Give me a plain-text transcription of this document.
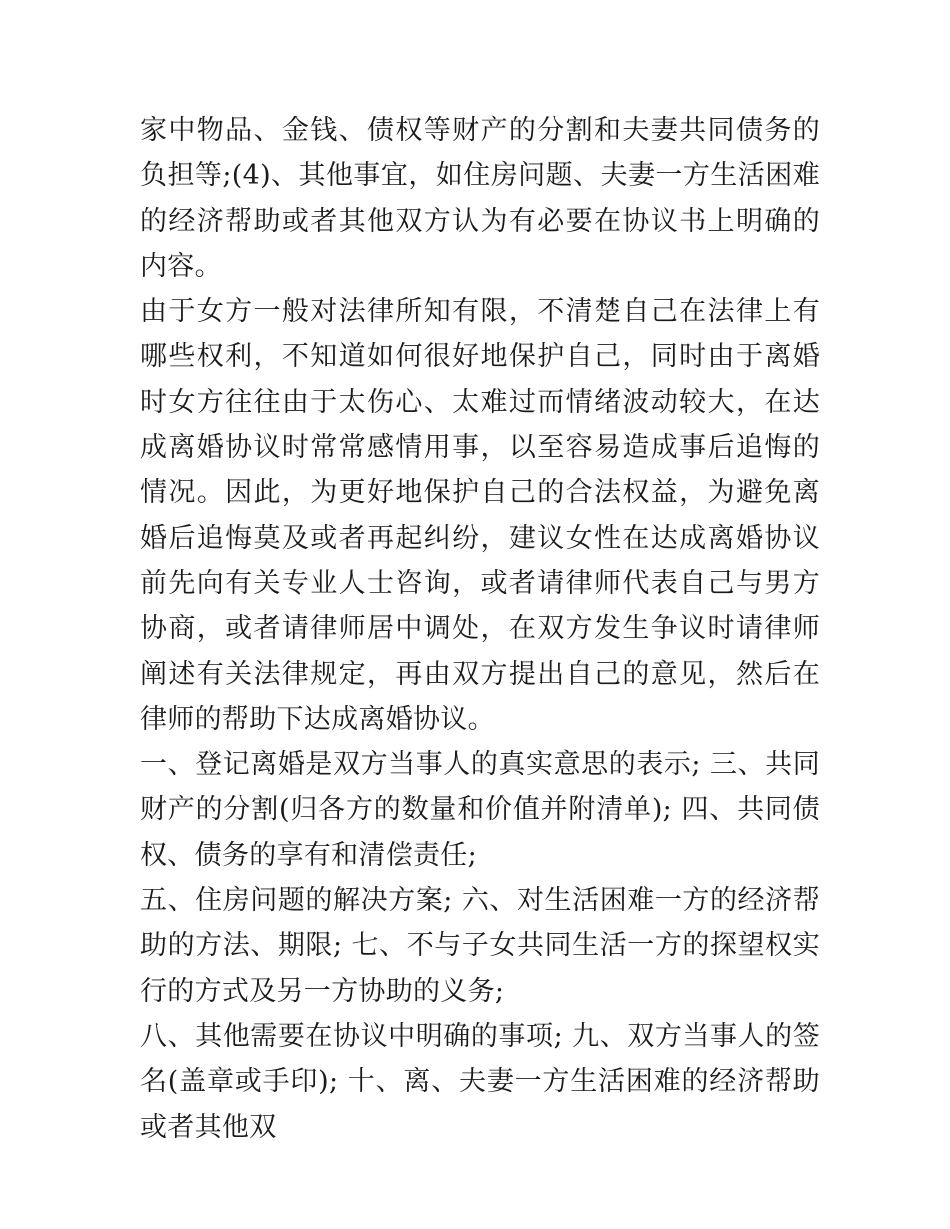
家中物品、金钱、债权等财产的分割和夫妻共同债务的负担等;(4)、其他事宜，如住房问题、夫妻一方生活困难的经济帮助或者其他双方认为有必要在协议书上明确的内容。

由于女方一般对法律所知有限，不清楚自己在法律上有哪些权利，不知道如何很好地保护自己，同时由于离婚时女方往往由于太伤心、太难过而情绪波动较大，在达成离婚协议时常常感情用事，以至容易造成事后追悔的情况。因此，为更好地保护自己的合法权益，为避免离婚后追悔莫及或者再起纠纷，建议女性在达成离婚协议前先向有关专业人士咨询，或者请律师代表自己与男方协商，或者请律师居中调处，在双方发生争议时请律师阐述有关法律规定，再由双方提出自己的意见，然后在律师的帮助下达成离婚协议。

一、登记离婚是双方当事人的真实意思的表示; 三、共同财产的分割(归各方的数量和价值并附清单); 四、共同债权、债务的享有和清偿责任;

五、住房问题的解决方案; 六、对生活困难一方的经济帮助的方法、期限; 七、不与子女共同生活一方的探望权实行的方式及另一方协助的义务;

八、其他需要在协议中明确的事项; 九、双方当事人的签名(盖章或手印); 十、离、夫妻一方生活困难的经济帮助或者其他双
